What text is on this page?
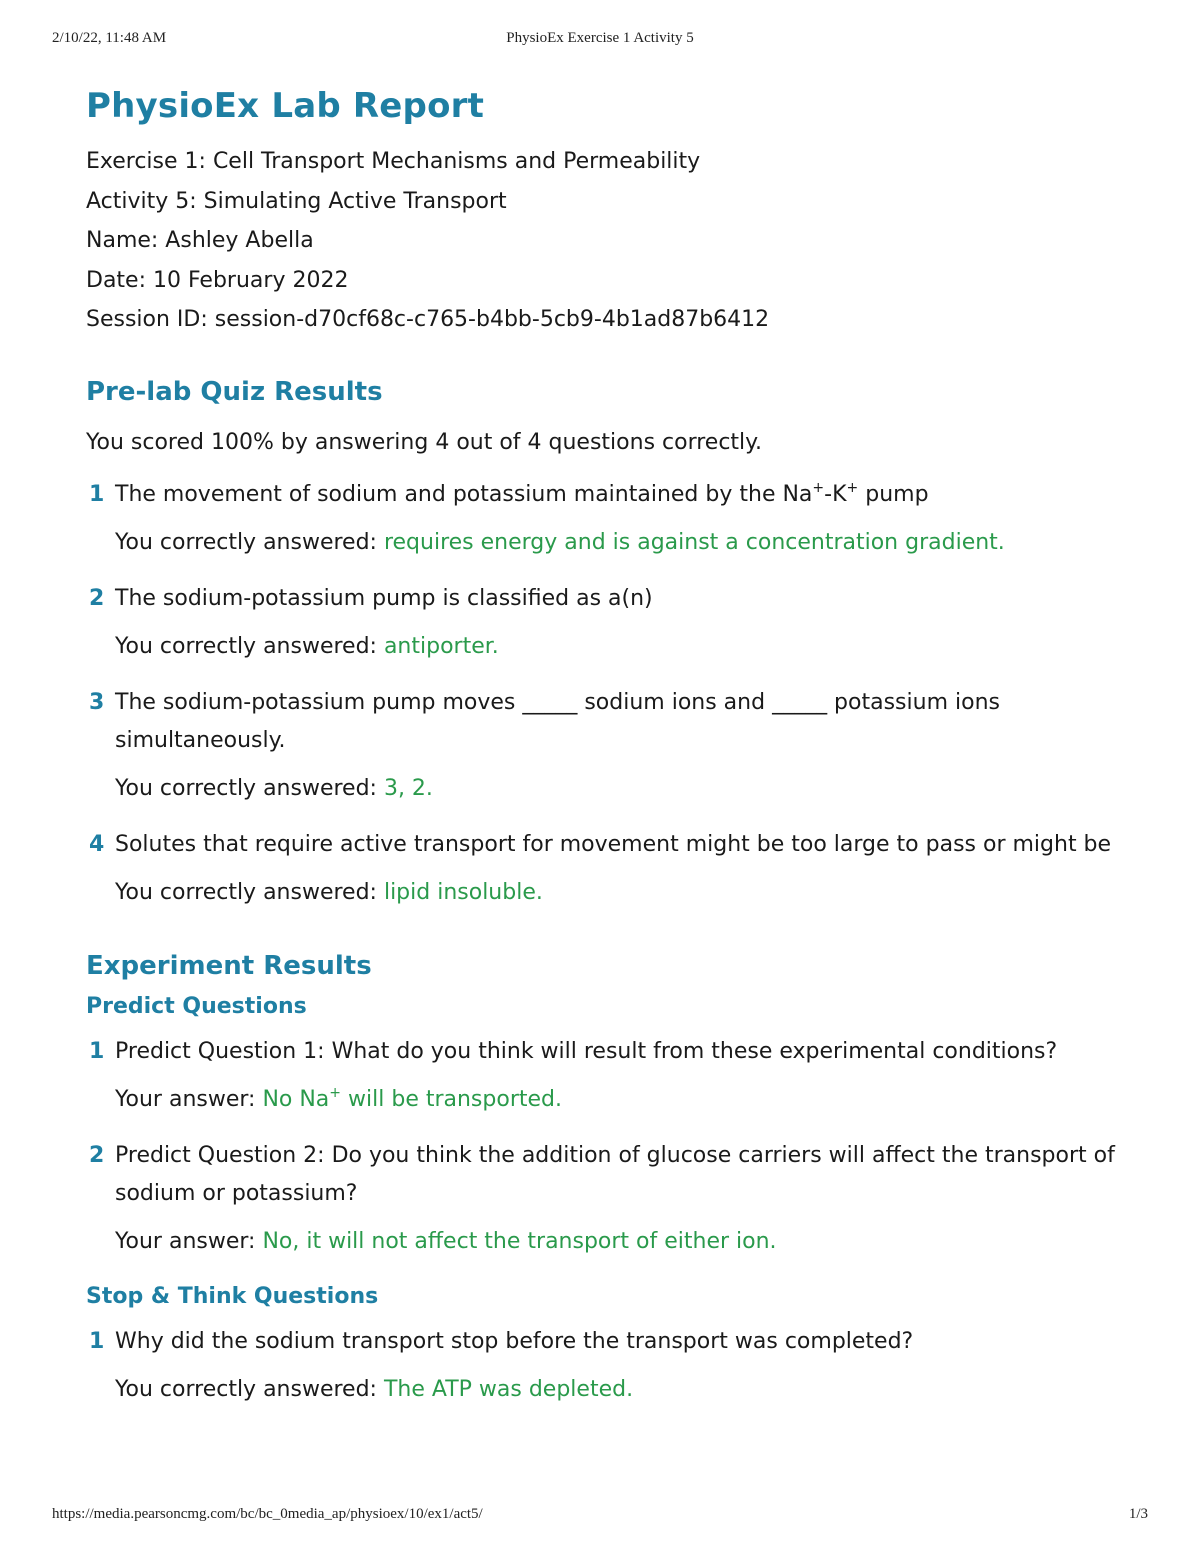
2/10/22, 11:48 AM	PhysioEx Exercise 1 Activity 5
PhysioEx Lab Report
Exercise 1: Cell Transport Mechanisms and Permeability
Activity 5: Simulating Active Transport
Name: Ashley Abella
Date: 10 February 2022
Session ID: session-d70cf68c-c765-b4bb-5cb9-4b1ad87b6412
Pre-lab Quiz Results
You scored 100% by answering 4 out of 4 questions correctly.
1 The movement of sodium and potassium maintained by the Na+-K+ pump
You correctly answered: requires energy and is against a concentration gradient.
2 The sodium-potassium pump is classified as a(n)
You correctly answered: antiporter.
3 The sodium-potassium pump moves _____ sodium ions and _____ potassium ions simultaneously.
You correctly answered: 3, 2.
4 Solutes that require active transport for movement might be too large to pass or might be
You correctly answered: lipid insoluble.
Experiment Results
Predict Questions
1 Predict Question 1: What do you think will result from these experimental conditions?
Your answer: No Na+ will be transported.
2 Predict Question 2: Do you think the addition of glucose carriers will affect the transport of sodium or potassium?
Your answer: No, it will not affect the transport of either ion.
Stop & Think Questions
1 Why did the sodium transport stop before the transport was completed?
You correctly answered: The ATP was depleted.
https://media.pearsoncmg.com/bc/bc_0media_ap/physioex/10/ex1/act5/	1/3
